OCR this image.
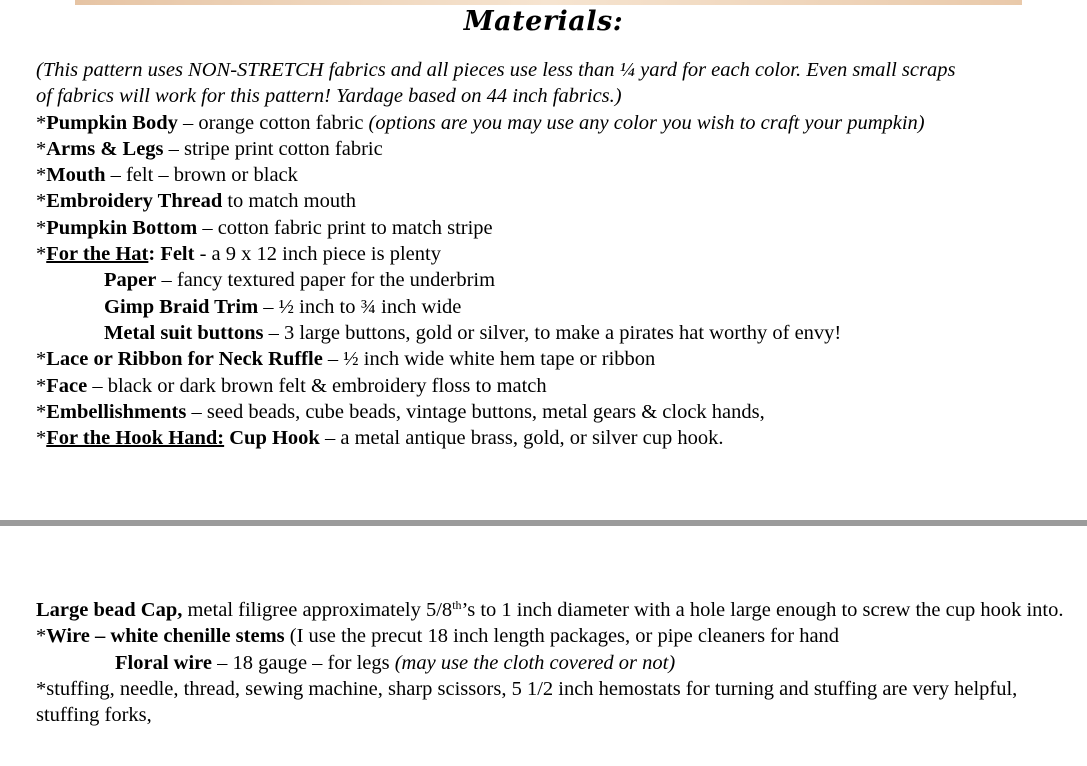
Materials:
(This pattern uses NON-STRETCH fabrics and all pieces use less than ¼ yard for each color. Even small scraps
of fabrics will work for this pattern! Yardage based on 44 inch fabrics.)
*Pumpkin Body – orange cotton fabric (options are you may use any color you wish to craft your pumpkin)
*Arms & Legs – stripe print cotton fabric
*Mouth – felt – brown or black
*Embroidery Thread to match mouth
*Pumpkin Bottom – cotton fabric print to match stripe
*For the Hat: Felt - a 9 x 12 inch piece is plenty
Paper – fancy textured paper for the underbrim
Gimp Braid Trim – ½ inch to ¾ inch wide
Metal suit buttons – 3 large buttons, gold or silver, to make a pirates hat worthy of envy!
*Lace or Ribbon for Neck Ruffle – ½ inch wide white hem tape or ribbon
*Face – black or dark brown felt & embroidery floss to match
*Embellishments – seed beads, cube beads, vintage buttons, metal gears & clock hands,
*For the Hook Hand: Cup Hook – a metal antique brass, gold, or silver cup hook.
Large bead Cap, metal filigree approximately 5/8th’s to 1 inch diameter with a hole large enough to screw the cup hook into.
*Wire – white chenille stems (I use the precut 18 inch length packages, or pipe cleaners for hand
Floral wire – 18 gauge – for legs (may use the cloth covered or not)
*stuffing, needle, thread, sewing machine, sharp scissors, 5 1/2 inch hemostats for turning and stuffing are very helpful, stuffing forks,
